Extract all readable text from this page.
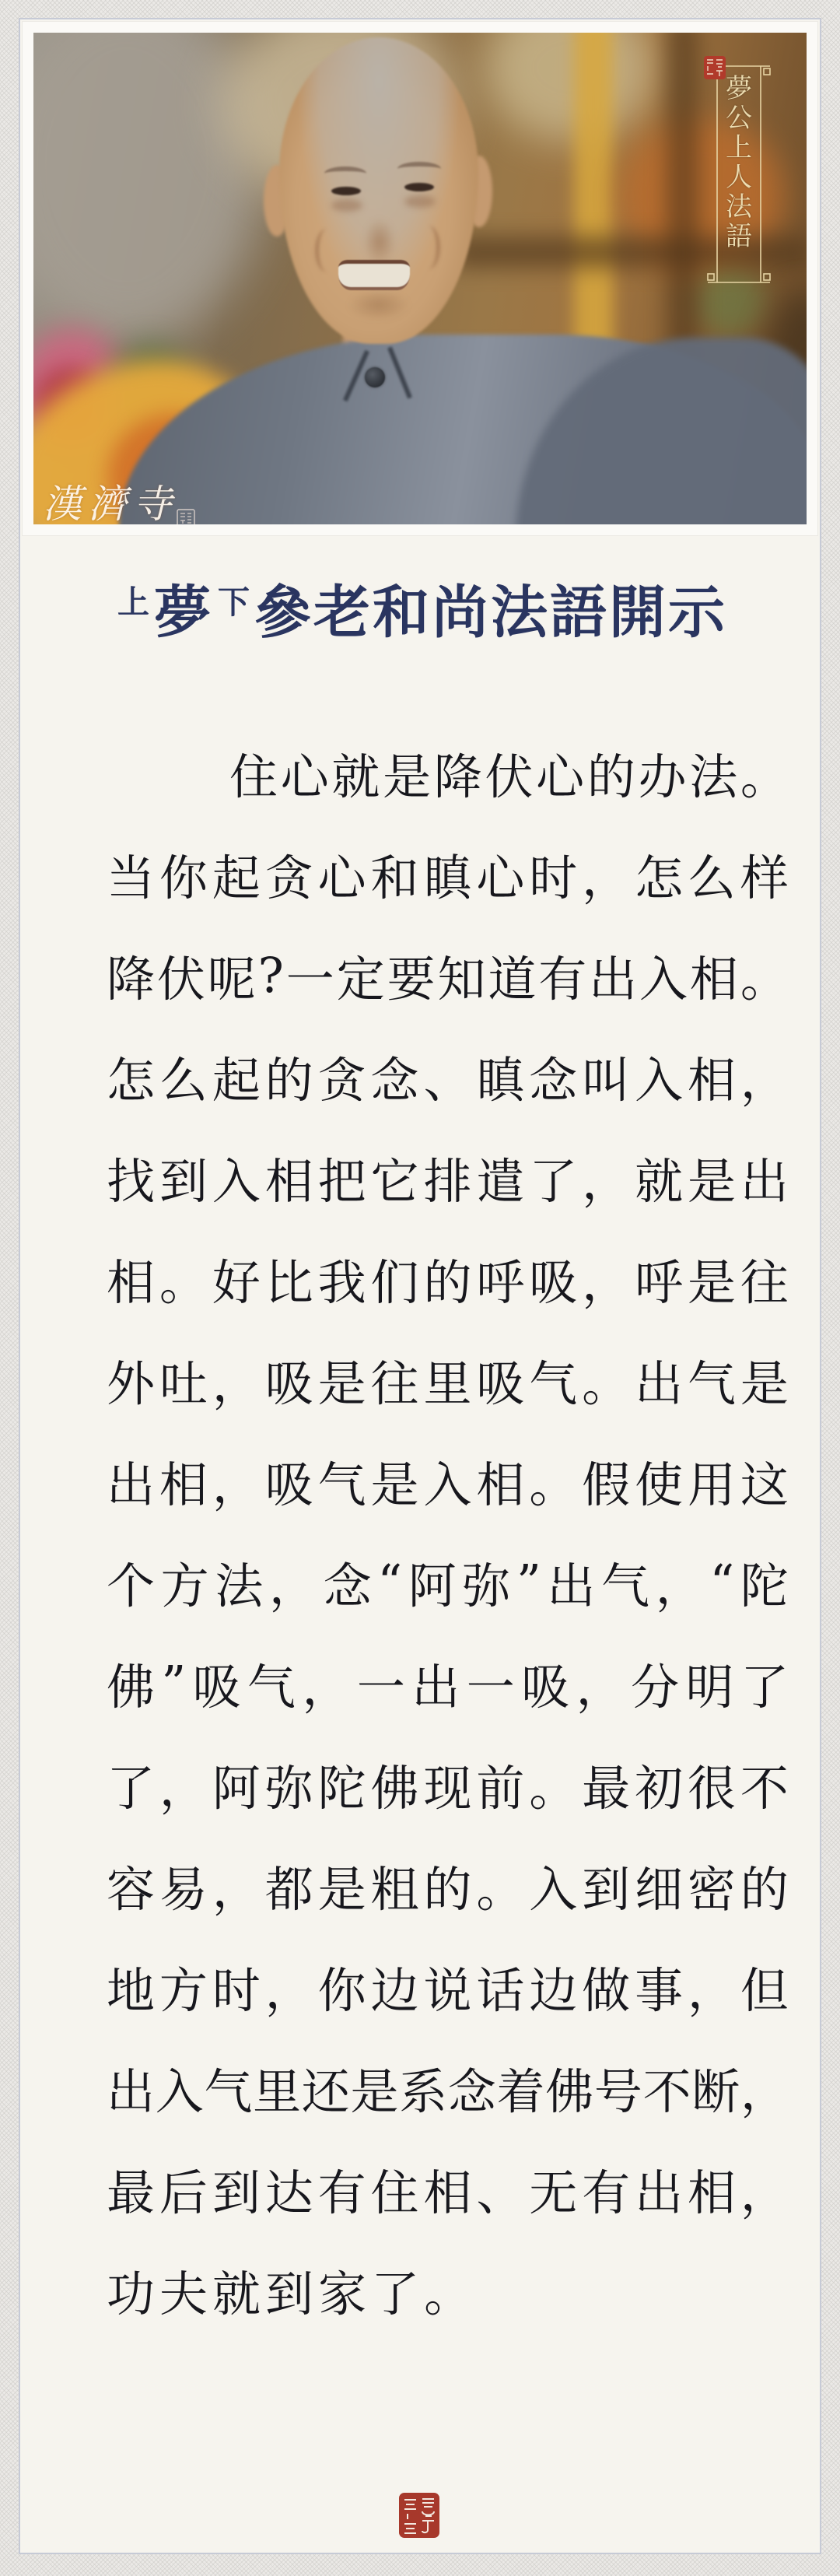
夢
公
上
人
法
語
漢濟寺
上 夢 下 參老和尚法語開示
住 心 就 是 降 伏 心 的 办 法 。
当 你 起 贪 心 和 瞋 心 时 ， 怎 么 样
降 伏 呢 ? 一 定 要 知 道 有 出 入 相 。
怎 么 起 的 贪 念 、 瞋 念 叫 入 相 ，
找 到 入 相 把 它 排 遣 了 ， 就 是 出
相 。 好 比 我 们 的 呼 吸 ， 呼 是 往
外 吐 ， 吸 是 往 里 吸 气 。 出 气 是
出 相 ， 吸 气 是 入 相 。 假 使 用 这
个 方 法 ， 念 “ 阿 弥 ” 出 气 ， “ 陀
佛 ” 吸 气 ， 一 出 一 吸 ， 分 明 了
了 ， 阿 弥 陀 佛 现 前 。 最 初 很 不
容 易 ， 都 是 粗 的 。 入 到 细 密 的
地 方 时 ， 你 边 说 话 边 做 事 ， 但
出 入 气 里 还 是 系 念 着 佛 号 不 断 ，
最 后 到 达 有 住 相 、 无 有 出 相 ，
功 夫 就 到 家 了 。
